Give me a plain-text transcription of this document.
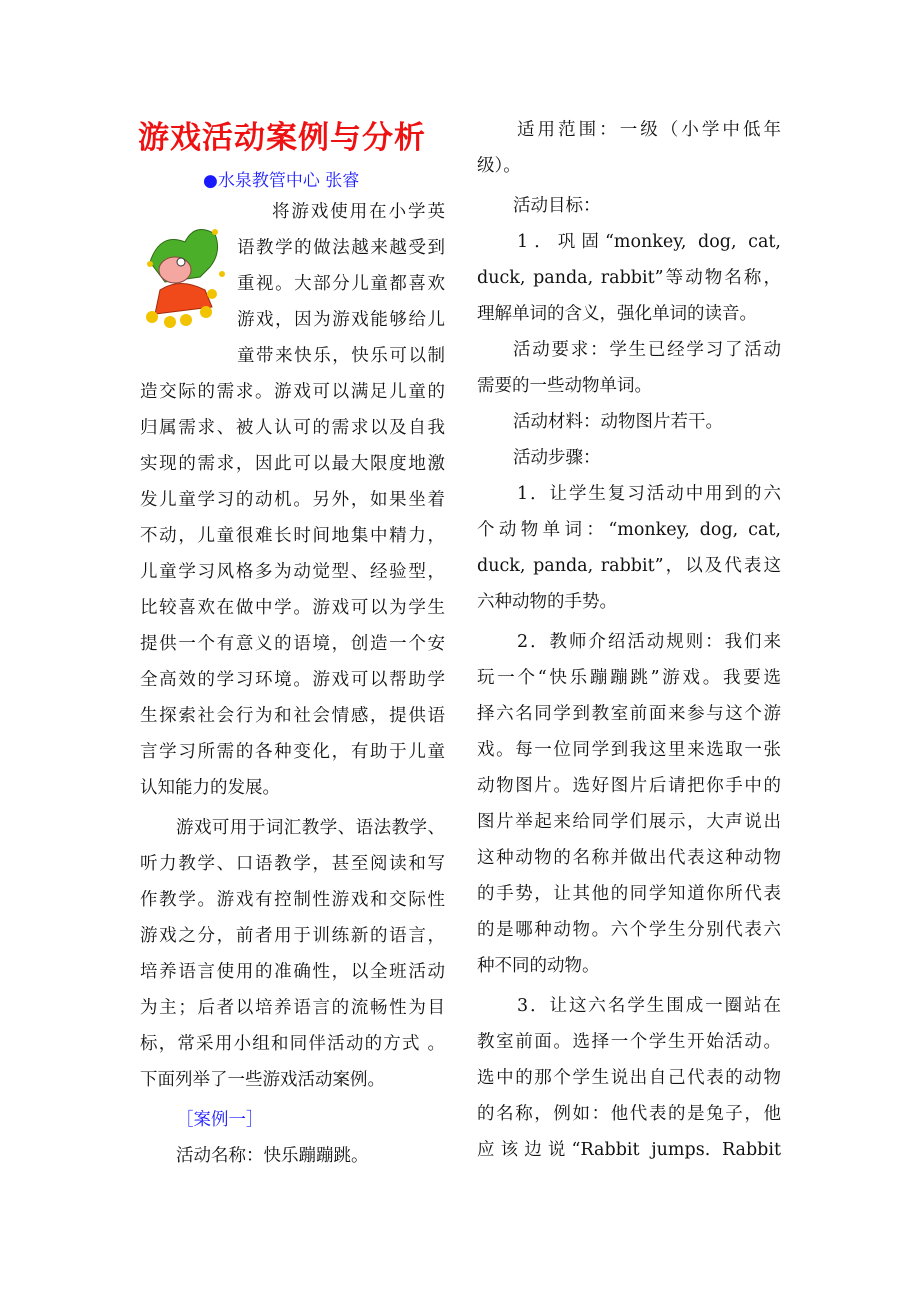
游戏活动案例与分析
●水泉教管中心 张睿
将游戏使用在小学英
语教学的做法越来越受到
重视。大部分儿童都喜欢
游戏，因为游戏能够给儿
童带来快乐，快乐可以制
造交际的需求。游戏可以满足儿童的
归属需求、被人认可的需求以及自我
实现的需求，因此可以最大限度地激
发儿童学习的动机。另外，如果坐着
不动，儿童很难长时间地集中精力，
儿童学习风格多为动觉型、经验型，
比较喜欢在做中学。游戏可以为学生
提供一个有意义的语境，创造一个安
全高效的学习环境。游戏可以帮助学
生探索社会行为和社会情感，提供语
言学习所需的各种变化，有助于儿童
认知能力的发展。
游戏可用于词汇教学、语法教学、
听力教学、口语教学，甚至阅读和写
作教学。游戏有控制性游戏和交际性
游戏之分，前者用于训练新的语言，
培养语言使用的准确性，以全班活动
为主；后者以培养语言的流畅性为目
标，常采用小组和同伴活动的方式 。
下面列举了一些游戏活动案例。
［案例一］
活动名称：快乐蹦蹦跳。
适用范围：一级（小学中低年
级）。
活动目标：
1．巩固“monkey, dog, cat,
duck, panda, rabbit”等动物名称，
理解单词的含义，强化单词的读音。
活动要求：学生已经学习了活动
需要的一些动物单词。
活动材料：动物图片若干。
活动步骤：
1．让学生复习活动中用到的六
个动物单词：“monkey, dog, cat,
duck, panda, rabbit”，以及代表这
六种动物的手势。
2．教师介绍活动规则：我们来
玩一个“快乐蹦蹦跳”游戏。我要选
择六名同学到教室前面来参与这个游
戏。每一位同学到我这里来选取一张
动物图片。选好图片后请把你手中的
图片举起来给同学们展示，大声说出
这种动物的名称并做出代表这种动物
的手势，让其他的同学知道你所代表
的是哪种动物。六个学生分别代表六
种不同的动物。
3．让这六名学生围成一圈站在
教室前面。选择一个学生开始活动。
选中的那个学生说出自己代表的动物
的名称，例如：他代表的是兔子，他
应该边说“Rabbit jumps. Rabbit
